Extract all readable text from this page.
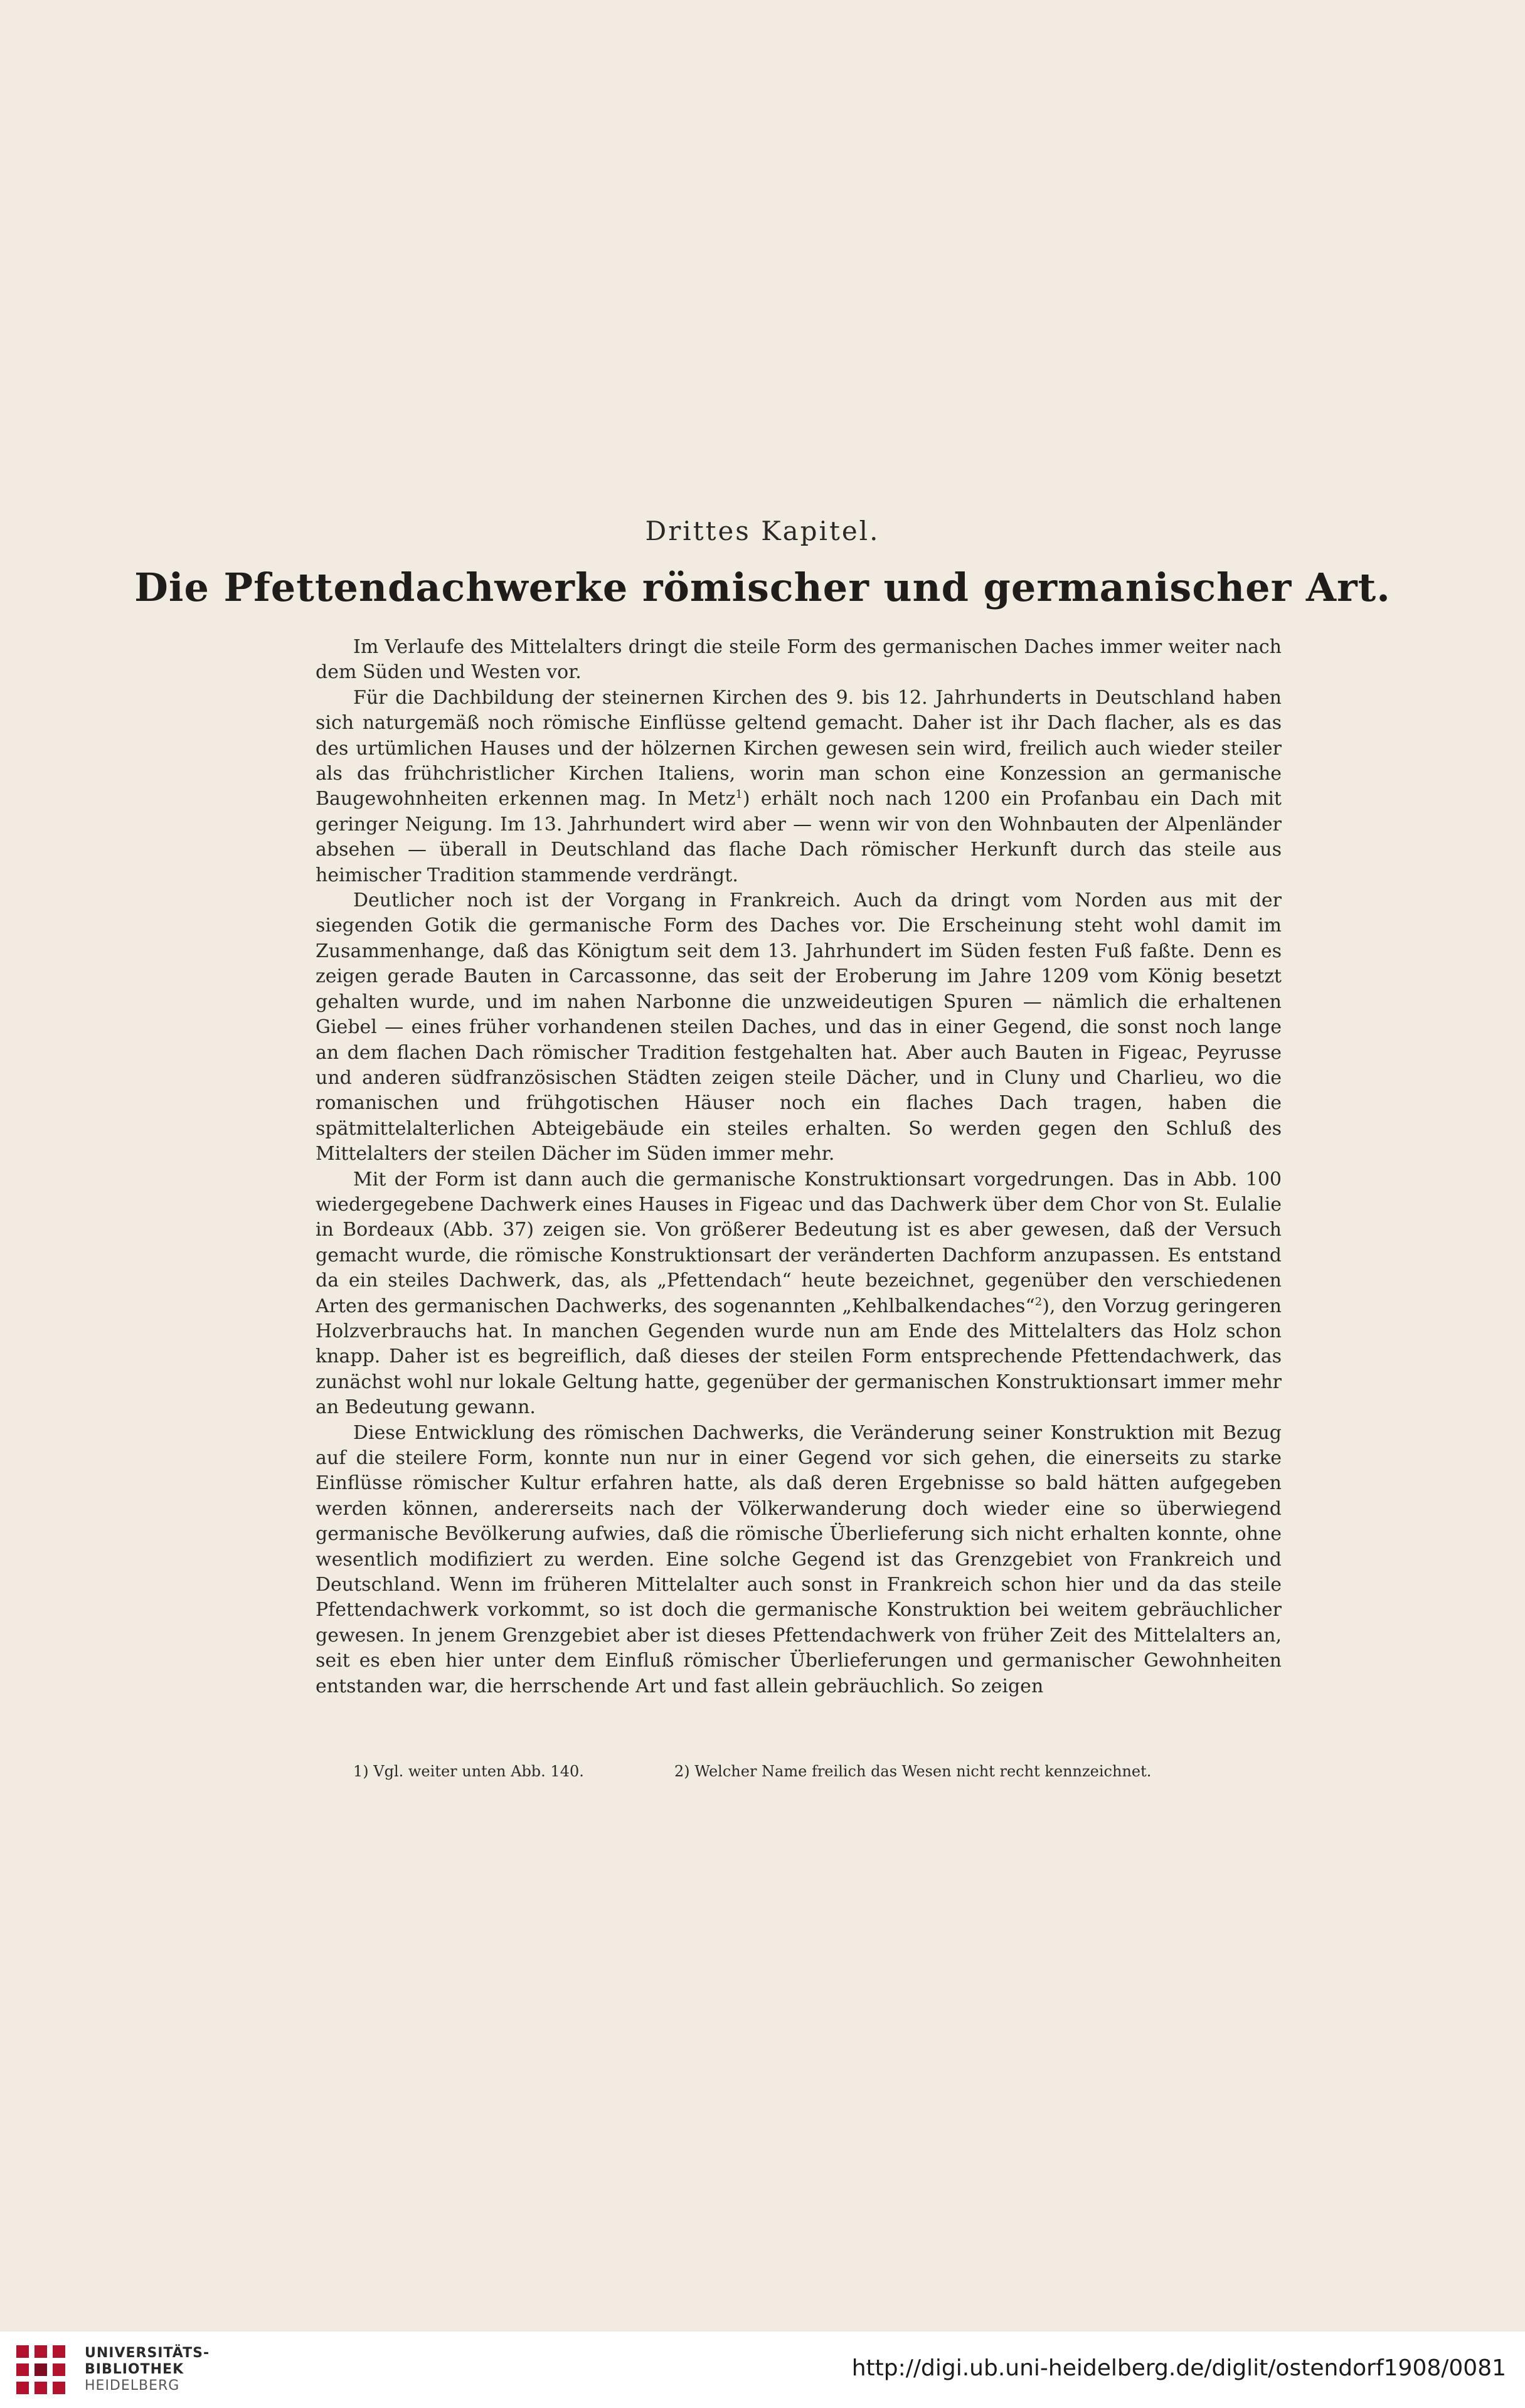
Drittes Kapitel.
Die Pfettendachwerke römischer und germanischer Art.

Im Verlaufe des Mittelalters dringt die steile Form des germanischen Daches immer weiter nach dem Süden und Westen vor.

Für die Dachbildung der steinernen Kirchen des 9. bis 12. Jahrhunderts in Deutschland haben sich naturgemäß noch römische Einflüsse geltend gemacht. Daher ist ihr Dach flacher, als es das des urtümlichen Hauses und der hölzernen Kirchen gewesen sein wird, freilich auch wieder steiler als das frühchristlicher Kirchen Italiens, worin man schon eine Konzession an germanische Baugewohnheiten erkennen mag. In Metz$^1$) erhält noch nach 1200 ein Profanbau ein Dach mit geringer Neigung. Im 13. Jahrhundert wird aber — wenn wir von den Wohnbauten der Alpenländer absehen — überall in Deutschland das flache Dach römischer Herkunft durch das steile aus heimischer Tradition stammende verdrängt.

Deutlicher noch ist der Vorgang in Frankreich. Auch da dringt vom Norden aus mit der siegenden Gotik die germanische Form des Daches vor. Die Erscheinung steht wohl damit im Zusammenhange, daß das Königtum seit dem 13. Jahrhundert im Süden festen Fuß faßte. Denn es zeigen gerade Bauten in Carcassonne, das seit der Eroberung im Jahre 1209 vom König besetzt gehalten wurde, und im nahen Narbonne die unzweideutigen Spuren — nämlich die erhaltenen Giebel — eines früher vorhandenen steilen Daches, und das in einer Gegend, die sonst noch lange an dem flachen Dach römischer Tradition festgehalten hat. Aber auch Bauten in Figeac, Peyrusse und anderen südfranzösischen Städten zeigen steile Dächer, und in Cluny und Charlieu, wo die romanischen und frühgotischen Häuser noch ein flaches Dach tragen, haben die spätmittelalterlichen Abteigebäude ein steiles erhalten. So werden gegen den Schluß des Mittelalters der steilen Dächer im Süden immer mehr.

Mit der Form ist dann auch die germanische Konstruktionsart vorgedrungen. Das in Abb. 100 wiedergegebene Dachwerk eines Hauses in Figeac und das Dachwerk über dem Chor von St. Eulalie in Bordeaux (Abb. 37) zeigen sie. Von größerer Bedeutung ist es aber gewesen, daß der Versuch gemacht wurde, die römische Konstruktionsart der veränderten Dachform anzupassen. Es entstand da ein steiles Dachwerk, das, als „Pfettendach“ heute bezeichnet, gegenüber den verschiedenen Arten des germanischen Dachwerks, des sogenannten „Kehlbalkendaches“$^2$), den Vorzug geringeren Holzverbrauchs hat. In manchen Gegenden wurde nun am Ende des Mittelalters das Holz schon knapp. Daher ist es begreiflich, daß dieses der steilen Form entsprechende Pfettendachwerk, das zunächst wohl nur lokale Geltung hatte, gegenüber der germanischen Konstruktionsart immer mehr an Bedeutung gewann.

Diese Entwicklung des römischen Dachwerks, die Veränderung seiner Konstruktion mit Bezug auf die steilere Form, konnte nun nur in einer Gegend vor sich gehen, die einerseits zu starke Einflüsse römischer Kultur erfahren hatte, als daß deren Ergebnisse so bald hätten aufgegeben werden können, andererseits nach der Völkerwanderung doch wieder eine so überwiegend germanische Bevölkerung aufwies, daß die römische Überlieferung sich nicht erhalten konnte, ohne wesentlich modifiziert zu werden. Eine solche Gegend ist das Grenzgebiet von Frankreich und Deutschland. Wenn im früheren Mittelalter auch sonst in Frankreich schon hier und da das steile Pfettendachwerk vorkommt, so ist doch die germanische Konstruktion bei weitem gebräuchlicher gewesen. In jenem Grenzgebiet aber ist dieses Pfettendachwerk von früher Zeit des Mittelalters an, seit es eben hier unter dem Einfluß römischer Überlieferungen und germanischer Gewohnheiten entstanden war, die herrschende Art und fast allein gebräuchlich. So zeigen

1) Vgl. weiter unten Abb. 140.	2) Welcher Name freilich das Wesen nicht recht kennzeichnet.
UNIVERSITÄTS-
BIBLIOTHEK
HEIDELBERG
http://digi.ub.uni-heidelberg.de/diglit/ostendorf1908/0081
